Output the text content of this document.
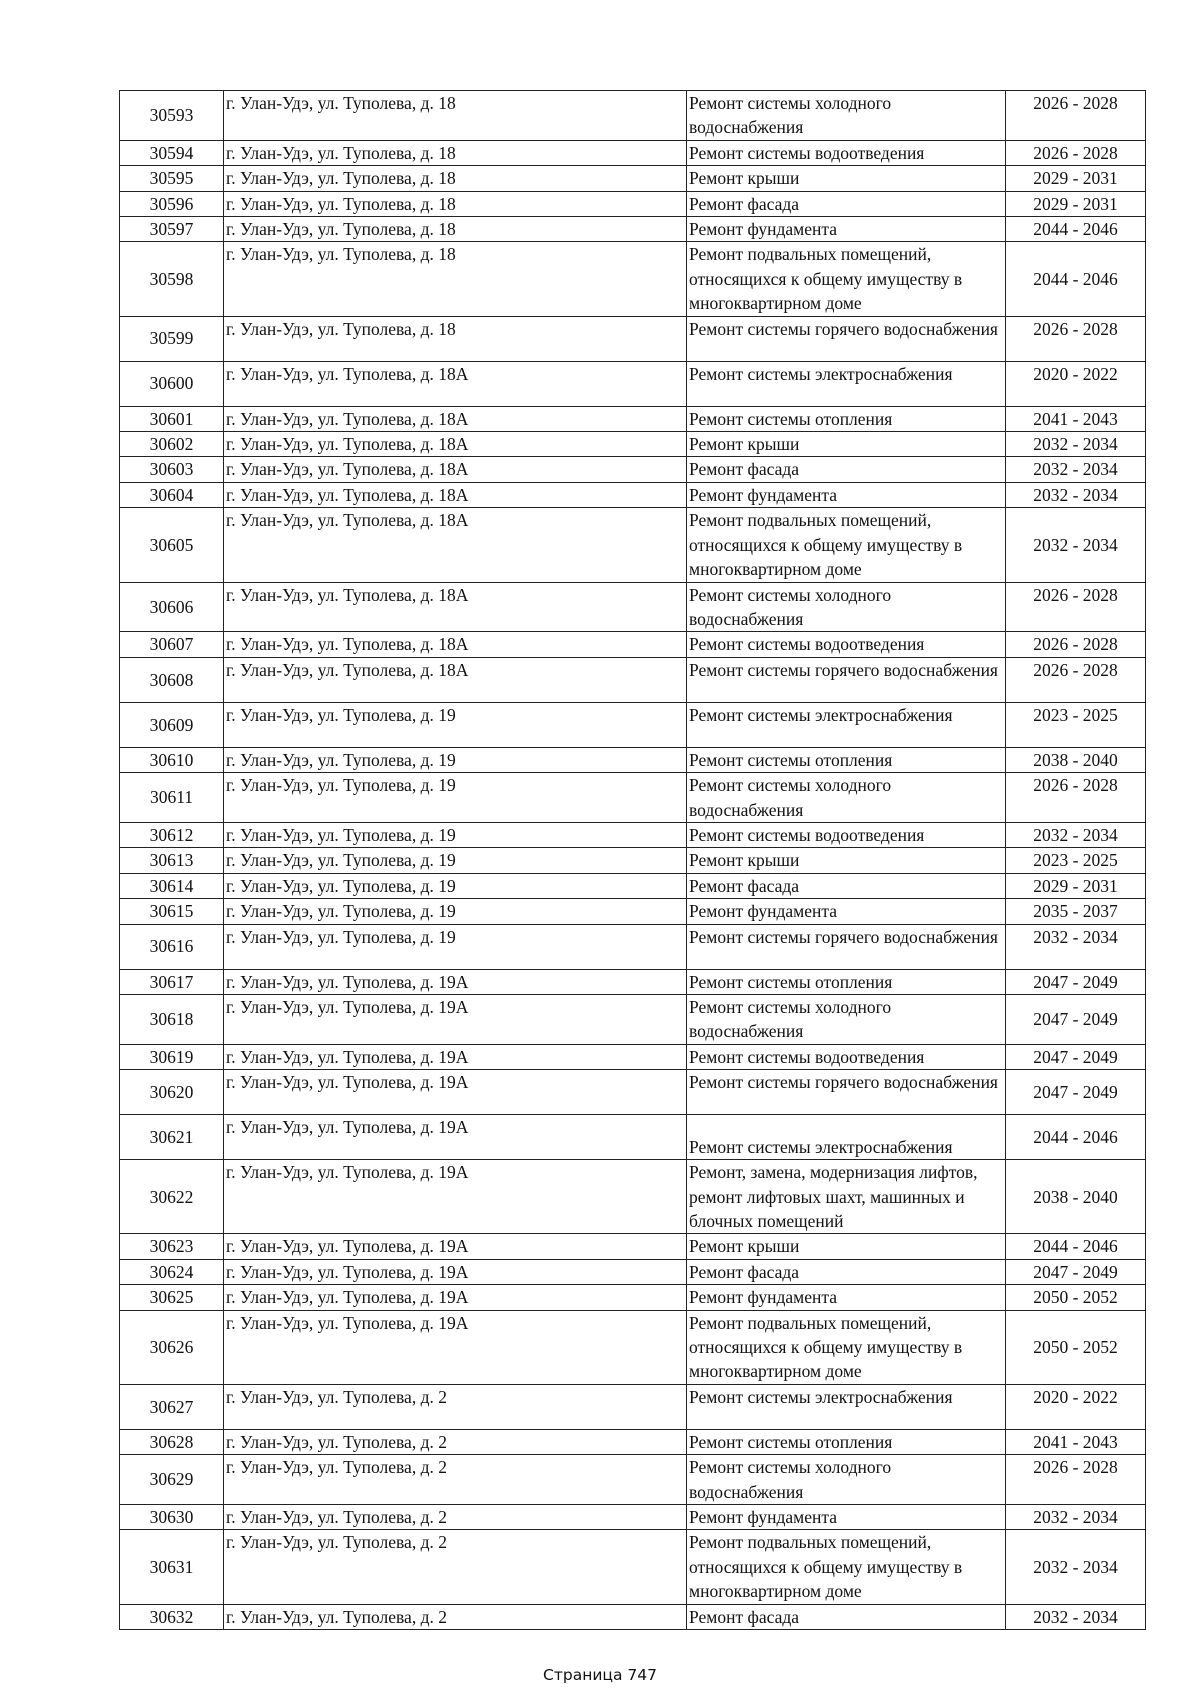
30593	г. Улан-Удэ, ул. Туполева, д. 18	Ремонт системы холодного водоснабжения	2026 - 2028
30594	г. Улан-Удэ, ул. Туполева, д. 18	Ремонт системы водоотведения	2026 - 2028
30595	г. Улан-Удэ, ул. Туполева, д. 18	Ремонт крыши	2029 - 2031
30596	г. Улан-Удэ, ул. Туполева, д. 18	Ремонт фасада	2029 - 2031
30597	г. Улан-Удэ, ул. Туполева, д. 18	Ремонт фундамента	2044 - 2046
30598	г. Улан-Удэ, ул. Туполева, д. 18	Ремонт подвальных помещений, относящихся к общему имуществу в многоквартирном доме	2044 - 2046
30599	г. Улан-Удэ, ул. Туполева, д. 18	Ремонт системы горячего водоснабжения	2026 - 2028
30600	г. Улан-Удэ, ул. Туполева, д. 18А	Ремонт системы электроснабжения	2020 - 2022
30601	г. Улан-Удэ, ул. Туполева, д. 18А	Ремонт системы отопления	2041 - 2043
30602	г. Улан-Удэ, ул. Туполева, д. 18А	Ремонт крыши	2032 - 2034
30603	г. Улан-Удэ, ул. Туполева, д. 18А	Ремонт фасада	2032 - 2034
30604	г. Улан-Удэ, ул. Туполева, д. 18А	Ремонт фундамента	2032 - 2034
30605	г. Улан-Удэ, ул. Туполева, д. 18А	Ремонт подвальных помещений, относящихся к общему имуществу в многоквартирном доме	2032 - 2034
30606	г. Улан-Удэ, ул. Туполева, д. 18А	Ремонт системы холодного водоснабжения	2026 - 2028
30607	г. Улан-Удэ, ул. Туполева, д. 18А	Ремонт системы водоотведения	2026 - 2028
30608	г. Улан-Удэ, ул. Туполева, д. 18А	Ремонт системы горячего водоснабжения	2026 - 2028
30609	г. Улан-Удэ, ул. Туполева, д. 19	Ремонт системы электроснабжения	2023 - 2025
30610	г. Улан-Удэ, ул. Туполева, д. 19	Ремонт системы отопления	2038 - 2040
30611	г. Улан-Удэ, ул. Туполева, д. 19	Ремонт системы холодного водоснабжения	2026 - 2028
30612	г. Улан-Удэ, ул. Туполева, д. 19	Ремонт системы водоотведения	2032 - 2034
30613	г. Улан-Удэ, ул. Туполева, д. 19	Ремонт крыши	2023 - 2025
30614	г. Улан-Удэ, ул. Туполева, д. 19	Ремонт фасада	2029 - 2031
30615	г. Улан-Удэ, ул. Туполева, д. 19	Ремонт фундамента	2035 - 2037
30616	г. Улан-Удэ, ул. Туполева, д. 19	Ремонт системы горячего водоснабжения	2032 - 2034
30617	г. Улан-Удэ, ул. Туполева, д. 19А	Ремонт системы отопления	2047 - 2049
30618	г. Улан-Удэ, ул. Туполева, д. 19А	Ремонт системы холодного водоснабжения	2047 - 2049
30619	г. Улан-Удэ, ул. Туполева, д. 19А	Ремонт системы водоотведения	2047 - 2049
30620	г. Улан-Удэ, ул. Туполева, д. 19А	Ремонт системы горячего водоснабжения	2047 - 2049
30621	г. Улан-Удэ, ул. Туполева, д. 19А	Ремонт системы электроснабжения	2044 - 2046
30622	г. Улан-Удэ, ул. Туполева, д. 19А	Ремонт, замена, модернизация лифтов, ремонт лифтовых шахт, машинных и блочных помещений	2038 - 2040
30623	г. Улан-Удэ, ул. Туполева, д. 19А	Ремонт крыши	2044 - 2046
30624	г. Улан-Удэ, ул. Туполева, д. 19А	Ремонт фасада	2047 - 2049
30625	г. Улан-Удэ, ул. Туполева, д. 19А	Ремонт фундамента	2050 - 2052
30626	г. Улан-Удэ, ул. Туполева, д. 19А	Ремонт подвальных помещений, относящихся к общему имуществу в многоквартирном доме	2050 - 2052
30627	г. Улан-Удэ, ул. Туполева, д. 2	Ремонт системы электроснабжения	2020 - 2022
30628	г. Улан-Удэ, ул. Туполева, д. 2	Ремонт системы отопления	2041 - 2043
30629	г. Улан-Удэ, ул. Туполева, д. 2	Ремонт системы холодного водоснабжения	2026 - 2028
30630	г. Улан-Удэ, ул. Туполева, д. 2	Ремонт фундамента	2032 - 2034
30631	г. Улан-Удэ, ул. Туполева, д. 2	Ремонт подвальных помещений, относящихся к общему имуществу в многоквартирном доме	2032 - 2034
30632	г. Улан-Удэ, ул. Туполева, д. 2	Ремонт фасада	2032 - 2034
Страница 747
